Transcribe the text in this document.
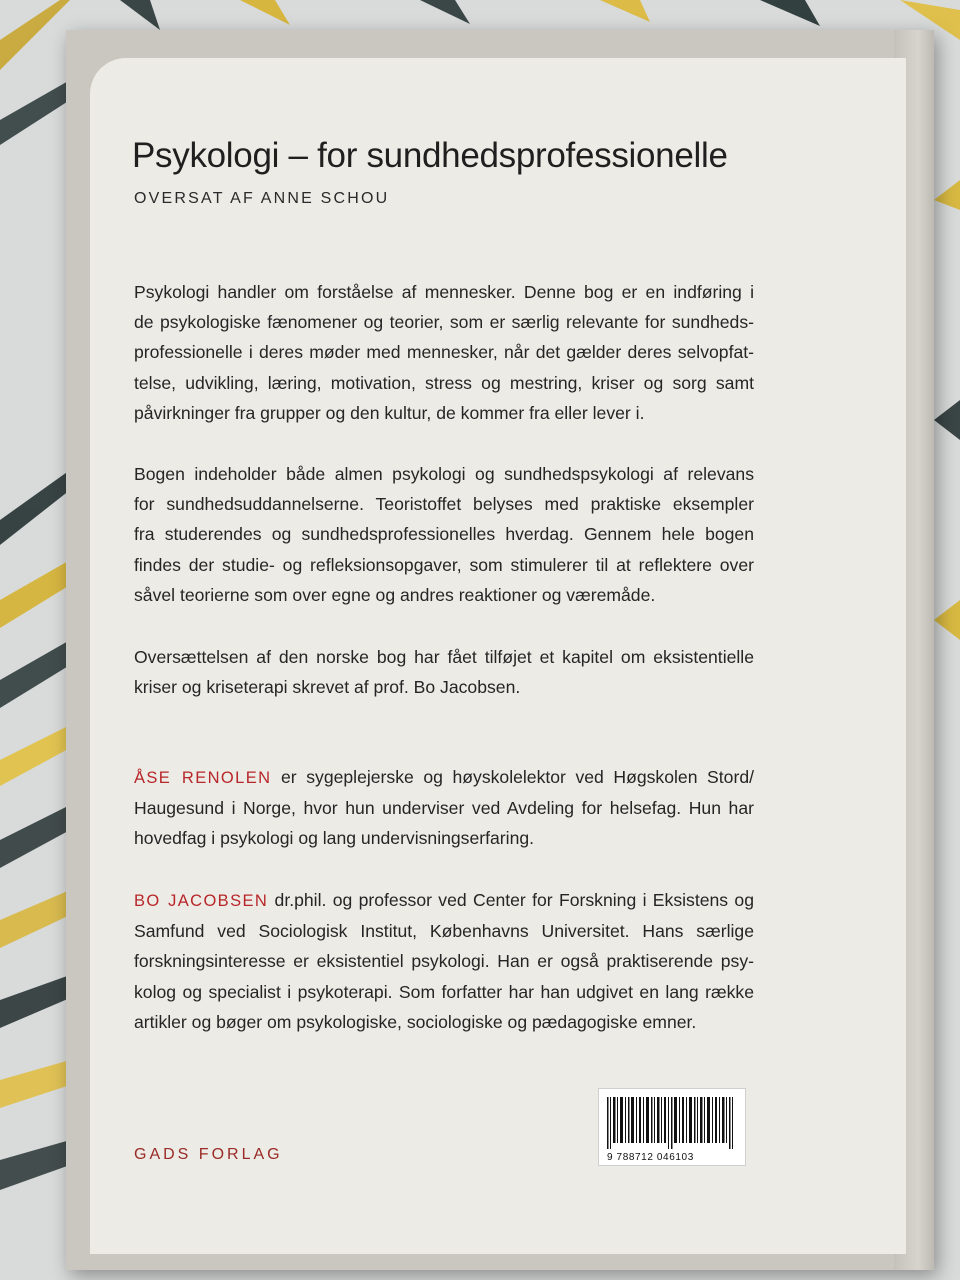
Psykologi – for sundhedsprofessionelle
OVERSAT AF ANNE SCHOU
Psykologi handler om forståelse af mennesker. Denne bog er en indføring i
de psykologiske fænomener og teorier, som er særlig relevante for sundheds-
professionelle i deres møder med mennesker, når det gælder deres selvopfat-
telse, udvikling, læring, motivation, stress og mestring, kriser og sorg samt
påvirkninger fra grupper og den kultur, de kommer fra eller lever i.
Bogen indeholder både almen psykologi og sundhedspsykologi af relevans
for sundhedsuddannelserne. Teoristoffet belyses med praktiske eksempler
fra studerendes og sundhedsprofessionelles hverdag. Gennem hele bogen
findes der studie- og refleksionsopgaver, som stimulerer til at reflektere over
såvel teorierne som over egne og andres reaktioner og væremåde.
Oversættelsen af den norske bog har fået tilføjet et kapitel om eksistentielle
kriser og kriseterapi skrevet af prof. Bo Jacobsen.
ÅSE RENOLEN er sygeplejerske og høyskolelektor ved Høgskolen Stord/
Haugesund i Norge, hvor hun underviser ved Avdeling for helsefag. Hun har
hovedfag i psykologi og lang undervisningserfaring.
BO JACOBSEN dr.phil. og professor ved Center for Forskning i Eksistens og
Samfund ved Sociologisk Institut, Københavns Universitet. Hans særlige
forskningsinteresse er eksistentiel psykologi. Han er også praktiserende psy-
kolog og specialist i psykoterapi. Som forfatter har han udgivet en lang række
artikler og bøger om psykologiske, sociologiske og pædagogiske emner.
GADS FORLAG	9 788712 046103
